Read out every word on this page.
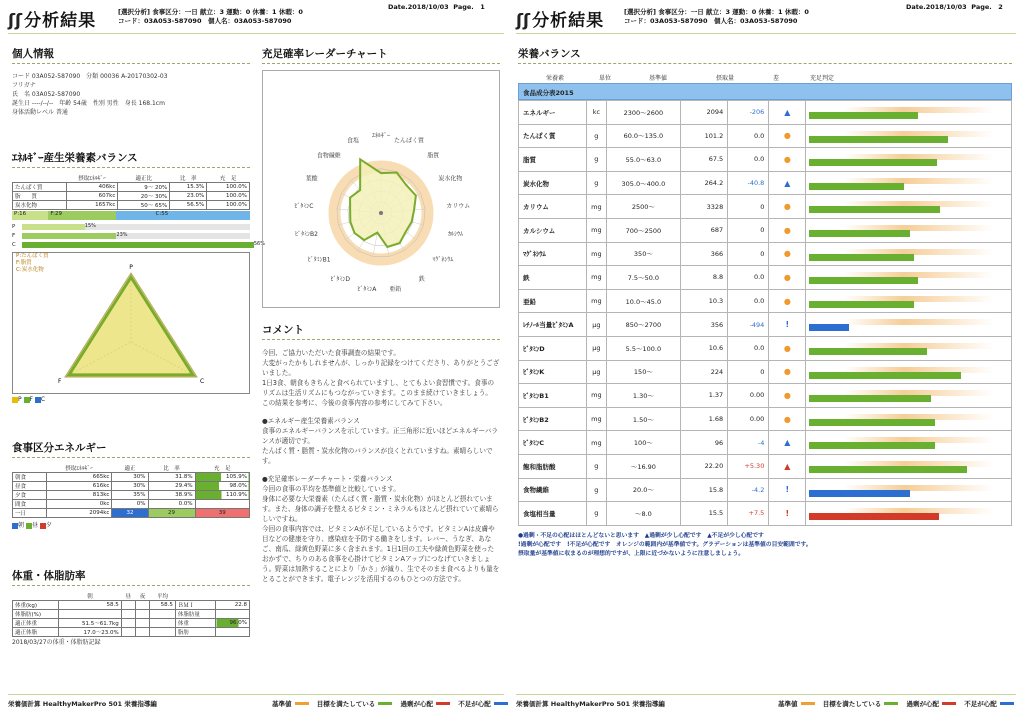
ʃʃ 分析結果	[選択分析] 食事区分：一日 献立：3 運動：0 休養：1 休暇：0
コード：03A053-587090　個人名：03A053-587090
Date.2018/10/03 Page.　1
個人情報
コード 03A052-587090　分類 00036 A-20170302-03
フリガナ
氏　名 03A052-587090
誕生日 ----/--/--　年齢 54歳　性別 男性　身長 168.1cm
身体活動レベル 普通
ｴﾈﾙｷﾞｰ産生栄養素バランス
	摂取ｴﾈﾙｷﾞｰ	適正比	比　率	充　足
たんぱく質	406kc	9～ 20%	15.3%	100.0%
脂　　質	607kc	20～ 30%	23.0%	100.0%
炭水化物	1657kc	50～ 65%	56.5%	100.0%
P:16	F:29	C:55
P	15%
F	23%
C	56%
P:たんぱく質
F:脂質
C:炭水化物	P
F	C
P F C
食事区分エネルギー
	摂取ｴﾈﾙｷﾞｰ	適正	比　率	充　足
朝食	665kc	30%	31.8%	105.9%
昼食	616kc	30%	29.4%	98.0%
夕食	813kc	35%	38.9%	110.9%
間食	0kc	0%	0.0%	
一日	2094kc	32	29	39
朝 昼 夕
体重・体脂肪率
	朝	昼	夜	平均		
体重(kg)	58.5			58.5	ＢＭＩ	22.8
体脂肪(%)					体脂肪量	
適正体重	51.5～61.7kg				体重	96.0%
適正体脂	17.0～23.0%				脂肪	
2018/03/27の体重・体脂肪記録
充足確率レーダーチャート
ｴﾈﾙｷﾞｰ
たんぱく質
脂質
炭水化物
カリウム
ｶﾙｼｳﾑ
ﾏｸﾞﾈｼｳﾑ
鉄
亜鉛
ﾋﾞﾀﾐﾝA
ﾋﾞﾀﾐﾝD
ﾋﾞﾀﾐﾝB1
ﾋﾞﾀﾐﾝB2
ﾋﾞﾀﾐﾝC
葉酸
食物繊維
食塩
コメント
今回、ご協力いただいた食事調査の結果です。
大変がったかもしれませんが、しっかり記録をつけてくださり、ありがとうございました。
1日3食、朝食もきちんと食べられていますし、とてもよい食習慣です。食事のリズムは生活リズムにもつながっていきます。このまま続けていきましょう。
この結果を参考に、今後の食事内容の参考にしてみて下さい。
●エネルギー産生栄養素バランス
食事のエネルギーバランスを示しています。正三角形に近いほどエネルギーバランスが適切です。
たんぱく質・脂質・炭水化物のバランスが良くとれていますね。素晴らしいです。
●充足確率レーダーチャート・栄養バランス
今回の食事の平均を基準値と比較しています。
身体に必要な大栄養素（たんぱく質・脂質・炭水化物）がほとんど摂れています。また、身体の調子を整えるビタミン・ミネラルもほとんど摂れていて素晴らしいですね。
今回の食事内容では、ビタミンAが不足しているようです。ビタミンAは皮膚や目などの健康を守り、感染症を予防する働きをします。レバー、うなぎ、あなご、南瓜、緑黄色野菜に多く含まれます。1日1回の工夫や緑黄色野菜を使ったおかずで、ちりのある食事を心掛けてビタミンAアップにつなげていきましょう。野菜は加熱することにより「かさ」が減り、生でそのまま食べるよりも量をとることができます。電子レンジを活用するのもひとつの方法です。
栄養価計算 HealthyMakerPro 501 栄養指導編	基準値	目標を満たしている	過剰が心配	不足が心配
ʃʃ 分析結果	[選択分析] 食事区分：一日 献立：3 運動：0 休養：1 休暇：0
コード：03A053-587090　個人名：03A053-587090
Date.2018/10/03 Page.　2
栄養バランス
栄養素	単位	基準値	摂取量	差	充足判定
食品成分表2015
エネルギー	kc	2300～2600	2094	-206	▲	

たんぱく質	g	60.0～135.0	101.2	0.0	●	

脂質	g	55.0～63.0	67.5	0.0	●	

炭水化物	g	305.0～400.0	264.2	-40.8	▲	

カリウム	mg	2500～	3328	0	●	

カルシウム	mg	700～2500	687	0	●	

ﾏｸﾞﾈｼｳﾑ	mg	350～	366	0	●	

鉄	mg	7.5～50.0	8.8	0.0	●	

亜鉛	mg	10.0～45.0	10.3	0.0	●	

ﾚﾁﾉｰﾙ当量ﾋﾞﾀﾐﾝA	μg	850～2700	356	-494	!	

ﾋﾞﾀﾐﾝD	μg	5.5～100.0	10.6	0.0	●	

ﾋﾞﾀﾐﾝK	μg	150～	224	0	●	

ﾋﾞﾀﾐﾝB1	mg	1.30～	1.37	0.00	●	

ﾋﾞﾀﾐﾝB2	mg	1.50～	1.68	0.00	●	

ﾋﾞﾀﾐﾝC	mg	100～	96	-4	▲	

飽和脂肪酸	g	～16.90	22.20	+5.30	▲	

食物繊維	g	20.0～	15.8	-4.2	!	

食塩相当量	g	～8.0	15.5	+7.5	!	
●過剰・不足の心配はほとんどないと思います　▲過剰が少し心配です　▲不足が少し心配です
!過剰が心配です　!不足が心配です　オレンジの範囲内が基準値です。グラデーションは基準値の目安範囲です。
摂取量が基準値に収まるのが理想的ですが、上限に近づかないように注意しましょう。
栄養価計算 HealthyMakerPro 501 栄養指導編	基準値	目標を満たしている	過剰が心配	不足が心配
